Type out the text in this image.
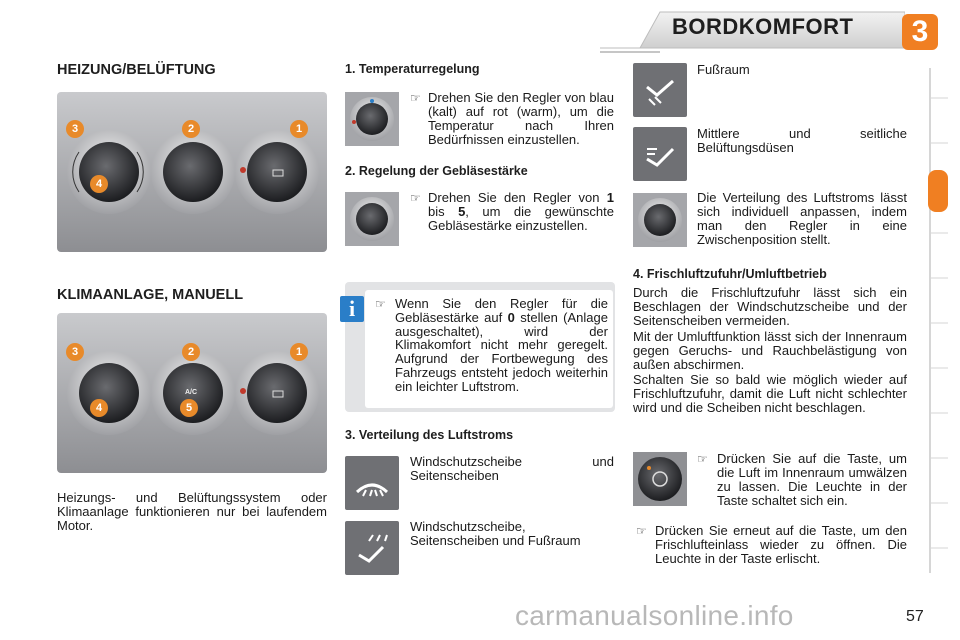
BORDKOMFORT	3
HEIZUNG/BELÜFTUNG
3	2	1
4
KLIMAANLAGE, MANUELL
A/C
3	2	1
4	5
Heizungs- und Belüftungssystem oder Klimaanlage funktionieren nur bei laufendem Motor.
1. Temperaturregelung
☞ Drehen Sie den Regler von blau (kalt) auf rot (warm), um die Temperatur nach Ihren Bedürfnissen einzustellen.
2. Regelung der Gebläsestärke
☞ Drehen Sie den Regler von 1 bis 5, um die gewünschte Gebläsestärke einzustellen.
i	☞ Wenn Sie den Regler für die Gebläsestärke auf 0 stellen (Anlage ausgeschaltet), wird der Klimakomfort nicht mehr geregelt. Aufgrund der Fortbewegung des Fahrzeugs entsteht jedoch weiterhin ein leichter Luftstrom.
3. Verteilung des Luftstroms
Windschutzscheibe und Seitenscheiben
Windschutzscheibe, Seitenscheiben und Fußraum
Fußraum
Mittlere und seitliche Belüftungsdüsen
Die Verteilung des Luftstroms lässt sich individuell anpassen, indem man den Regler in eine Zwischenposition stellt.
4. Frischluftzufuhr/Umluftbetrieb
Durch die Frischluftzufuhr lässt sich ein Beschlagen der Windschutzscheibe und der Seitenscheiben vermeiden.
Mit der Umluftfunktion lässt sich der Innenraum gegen Geruchs- und Rauchbelästigung von außen abschirmen.
Schalten Sie so bald wie möglich wieder auf Frischluftzufuhr, damit die Luft nicht schlechter wird und die Scheiben nicht beschlagen.
☞ Drücken Sie auf die Taste, um die Luft im Innenraum umwälzen zu lassen. Die Leuchte in der Taste schaltet sich ein.
☞ Drücken Sie erneut auf die Taste, um den Frischlufteinlass wieder zu öffnen. Die Leuchte in der Taste erlischt.
carmanualsonline.info	57
